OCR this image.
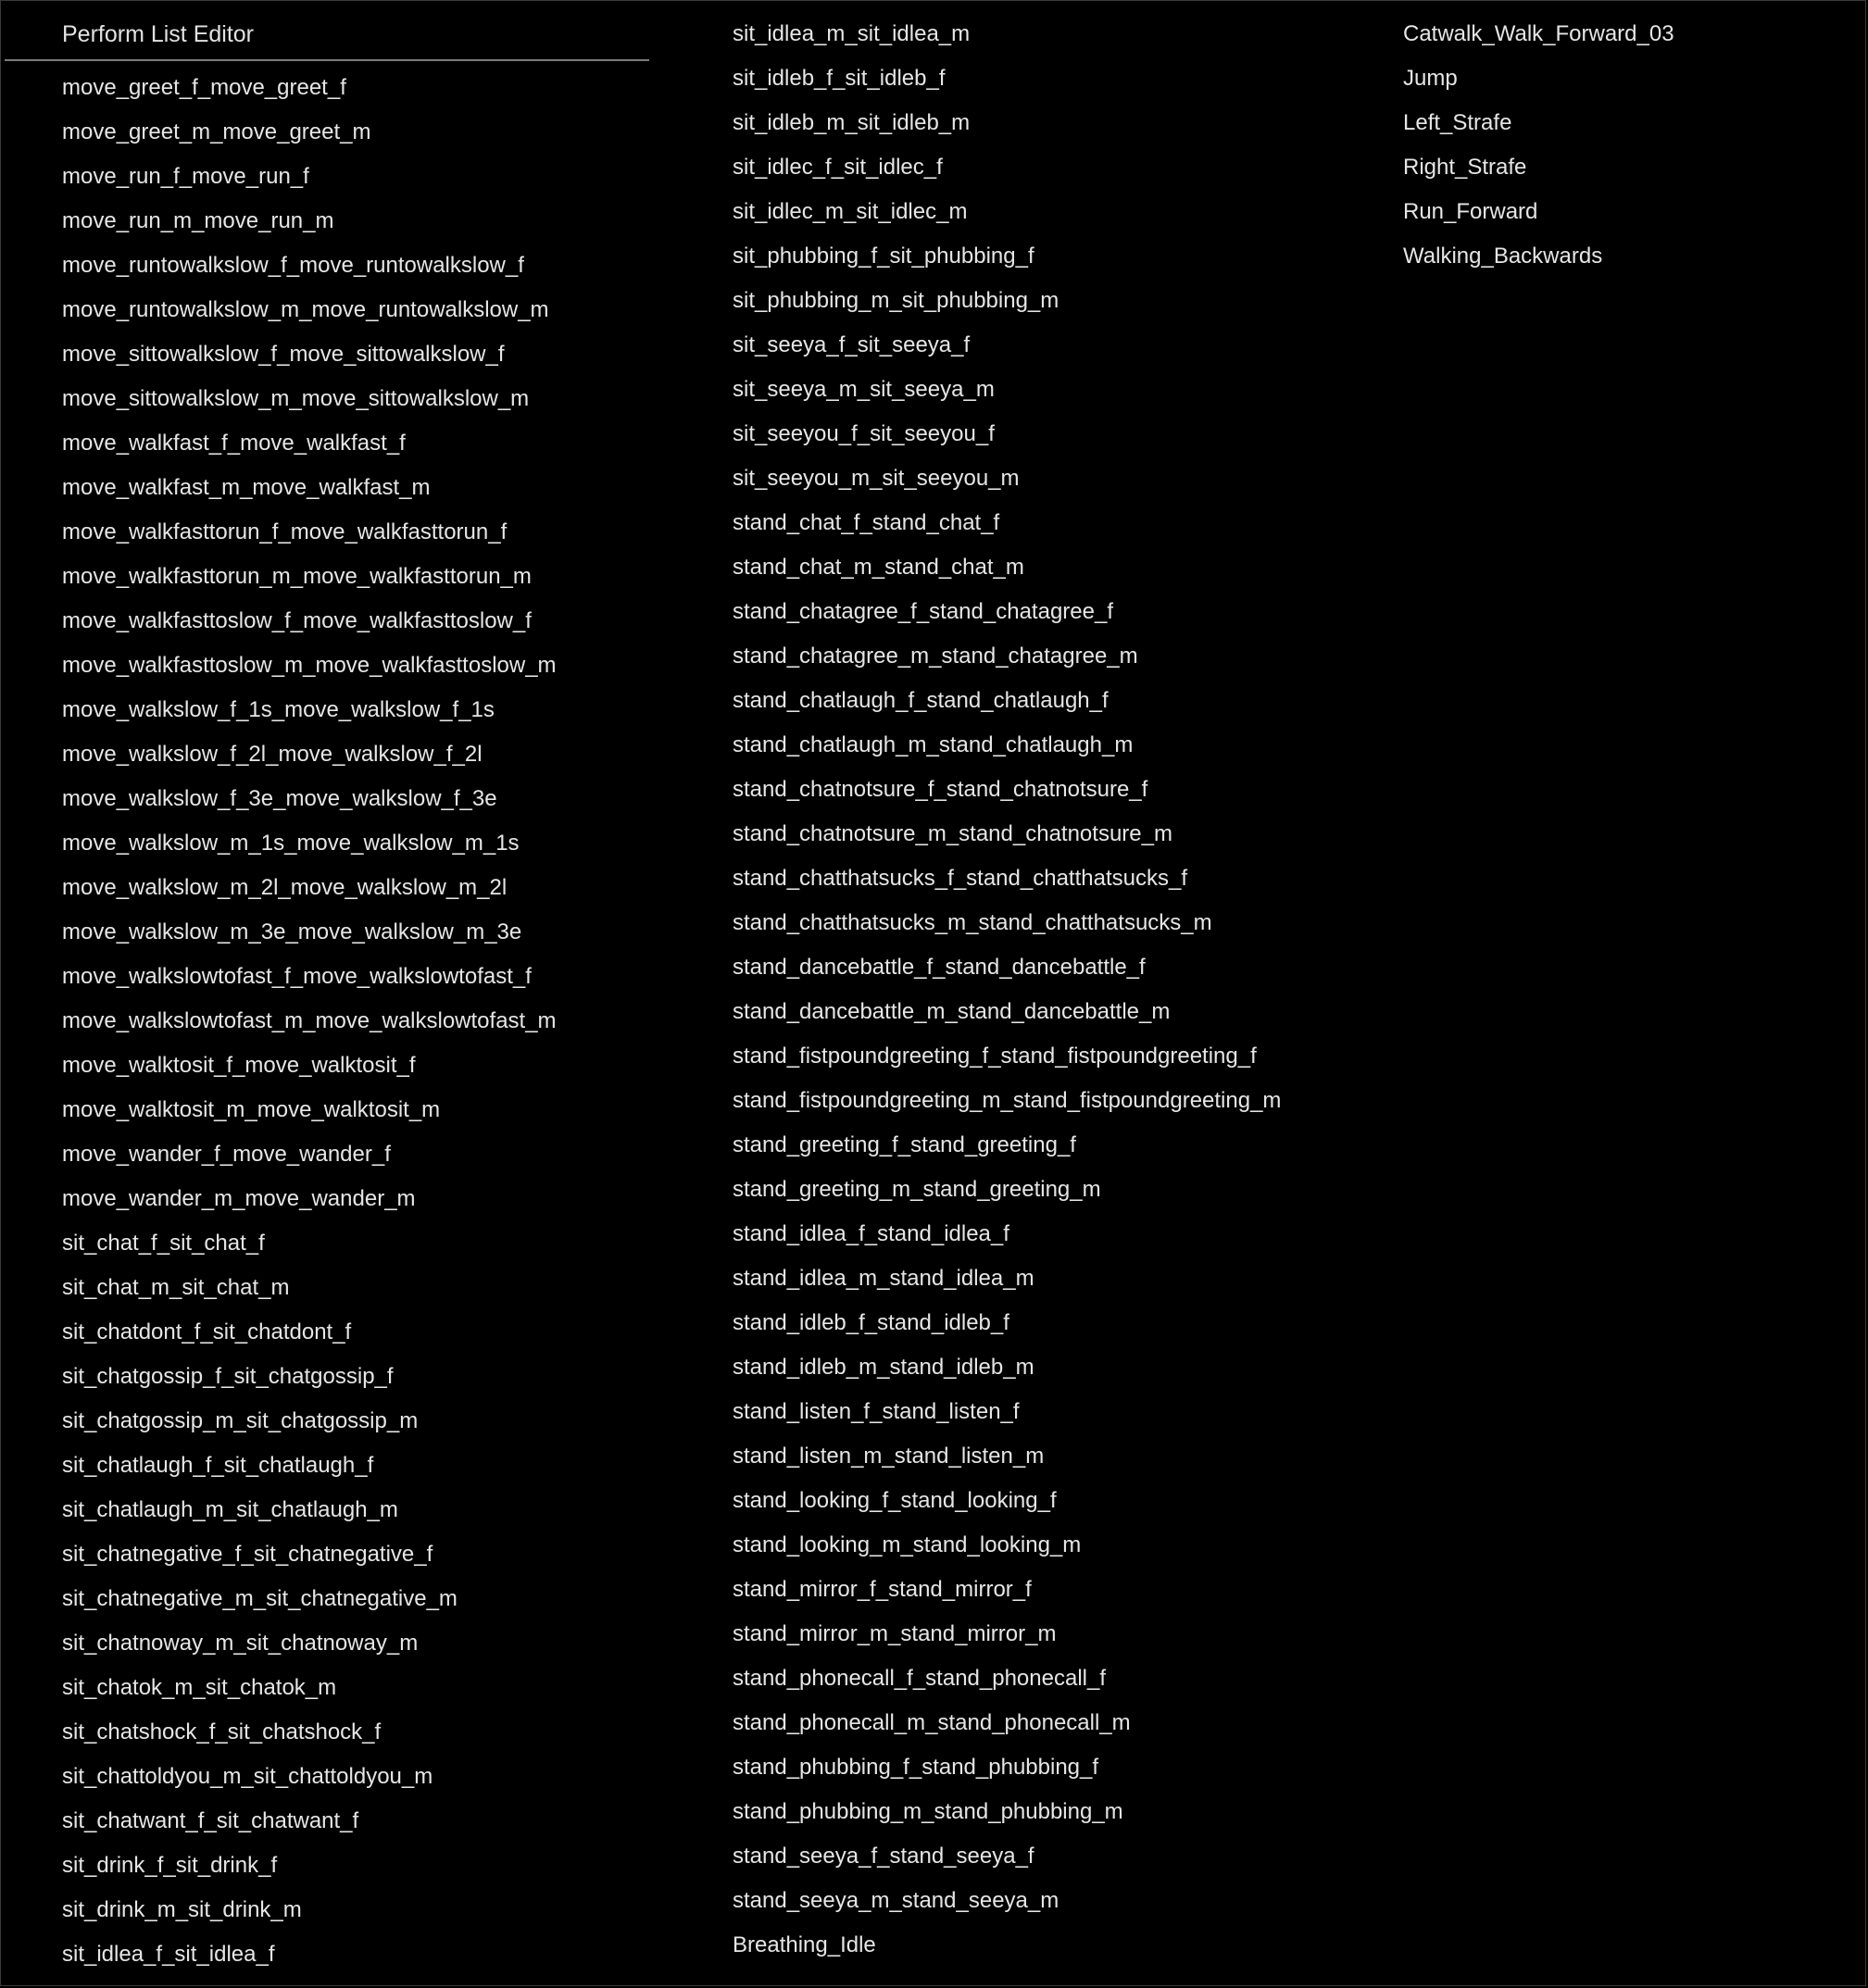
Perform List Editor
move_greet_f_move_greet_f
move_greet_m_move_greet_m
move_run_f_move_run_f
move_run_m_move_run_m
move_runtowalkslow_f_move_runtowalkslow_f
move_runtowalkslow_m_move_runtowalkslow_m
move_sittowalkslow_f_move_sittowalkslow_f
move_sittowalkslow_m_move_sittowalkslow_m
move_walkfast_f_move_walkfast_f
move_walkfast_m_move_walkfast_m
move_walkfasttorun_f_move_walkfasttorun_f
move_walkfasttorun_m_move_walkfasttorun_m
move_walkfasttoslow_f_move_walkfasttoslow_f
move_walkfasttoslow_m_move_walkfasttoslow_m
move_walkslow_f_1s_move_walkslow_f_1s
move_walkslow_f_2l_move_walkslow_f_2l
move_walkslow_f_3e_move_walkslow_f_3e
move_walkslow_m_1s_move_walkslow_m_1s
move_walkslow_m_2l_move_walkslow_m_2l
move_walkslow_m_3e_move_walkslow_m_3e
move_walkslowtofast_f_move_walkslowtofast_f
move_walkslowtofast_m_move_walkslowtofast_m
move_walktosit_f_move_walktosit_f
move_walktosit_m_move_walktosit_m
move_wander_f_move_wander_f
move_wander_m_move_wander_m
sit_chat_f_sit_chat_f
sit_chat_m_sit_chat_m
sit_chatdont_f_sit_chatdont_f
sit_chatgossip_f_sit_chatgossip_f
sit_chatgossip_m_sit_chatgossip_m
sit_chatlaugh_f_sit_chatlaugh_f
sit_chatlaugh_m_sit_chatlaugh_m
sit_chatnegative_f_sit_chatnegative_f
sit_chatnegative_m_sit_chatnegative_m
sit_chatnoway_m_sit_chatnoway_m
sit_chatok_m_sit_chatok_m
sit_chatshock_f_sit_chatshock_f
sit_chattoldyou_m_sit_chattoldyou_m
sit_chatwant_f_sit_chatwant_f
sit_drink_f_sit_drink_f
sit_drink_m_sit_drink_m
sit_idlea_f_sit_idlea_f
sit_idlea_m_sit_idlea_m
sit_idleb_f_sit_idleb_f
sit_idleb_m_sit_idleb_m
sit_idlec_f_sit_idlec_f
sit_idlec_m_sit_idlec_m
sit_phubbing_f_sit_phubbing_f
sit_phubbing_m_sit_phubbing_m
sit_seeya_f_sit_seeya_f
sit_seeya_m_sit_seeya_m
sit_seeyou_f_sit_seeyou_f
sit_seeyou_m_sit_seeyou_m
stand_chat_f_stand_chat_f
stand_chat_m_stand_chat_m
stand_chatagree_f_stand_chatagree_f
stand_chatagree_m_stand_chatagree_m
stand_chatlaugh_f_stand_chatlaugh_f
stand_chatlaugh_m_stand_chatlaugh_m
stand_chatnotsure_f_stand_chatnotsure_f
stand_chatnotsure_m_stand_chatnotsure_m
stand_chatthatsucks_f_stand_chatthatsucks_f
stand_chatthatsucks_m_stand_chatthatsucks_m
stand_dancebattle_f_stand_dancebattle_f
stand_dancebattle_m_stand_dancebattle_m
stand_fistpoundgreeting_f_stand_fistpoundgreeting_f
stand_fistpoundgreeting_m_stand_fistpoundgreeting_m
stand_greeting_f_stand_greeting_f
stand_greeting_m_stand_greeting_m
stand_idlea_f_stand_idlea_f
stand_idlea_m_stand_idlea_m
stand_idleb_f_stand_idleb_f
stand_idleb_m_stand_idleb_m
stand_listen_f_stand_listen_f
stand_listen_m_stand_listen_m
stand_looking_f_stand_looking_f
stand_looking_m_stand_looking_m
stand_mirror_f_stand_mirror_f
stand_mirror_m_stand_mirror_m
stand_phonecall_f_stand_phonecall_f
stand_phonecall_m_stand_phonecall_m
stand_phubbing_f_stand_phubbing_f
stand_phubbing_m_stand_phubbing_m
stand_seeya_f_stand_seeya_f
stand_seeya_m_stand_seeya_m
Breathing_Idle
Catwalk_Walk_Forward_03
Jump
Left_Strafe
Right_Strafe
Run_Forward
Walking_Backwards
